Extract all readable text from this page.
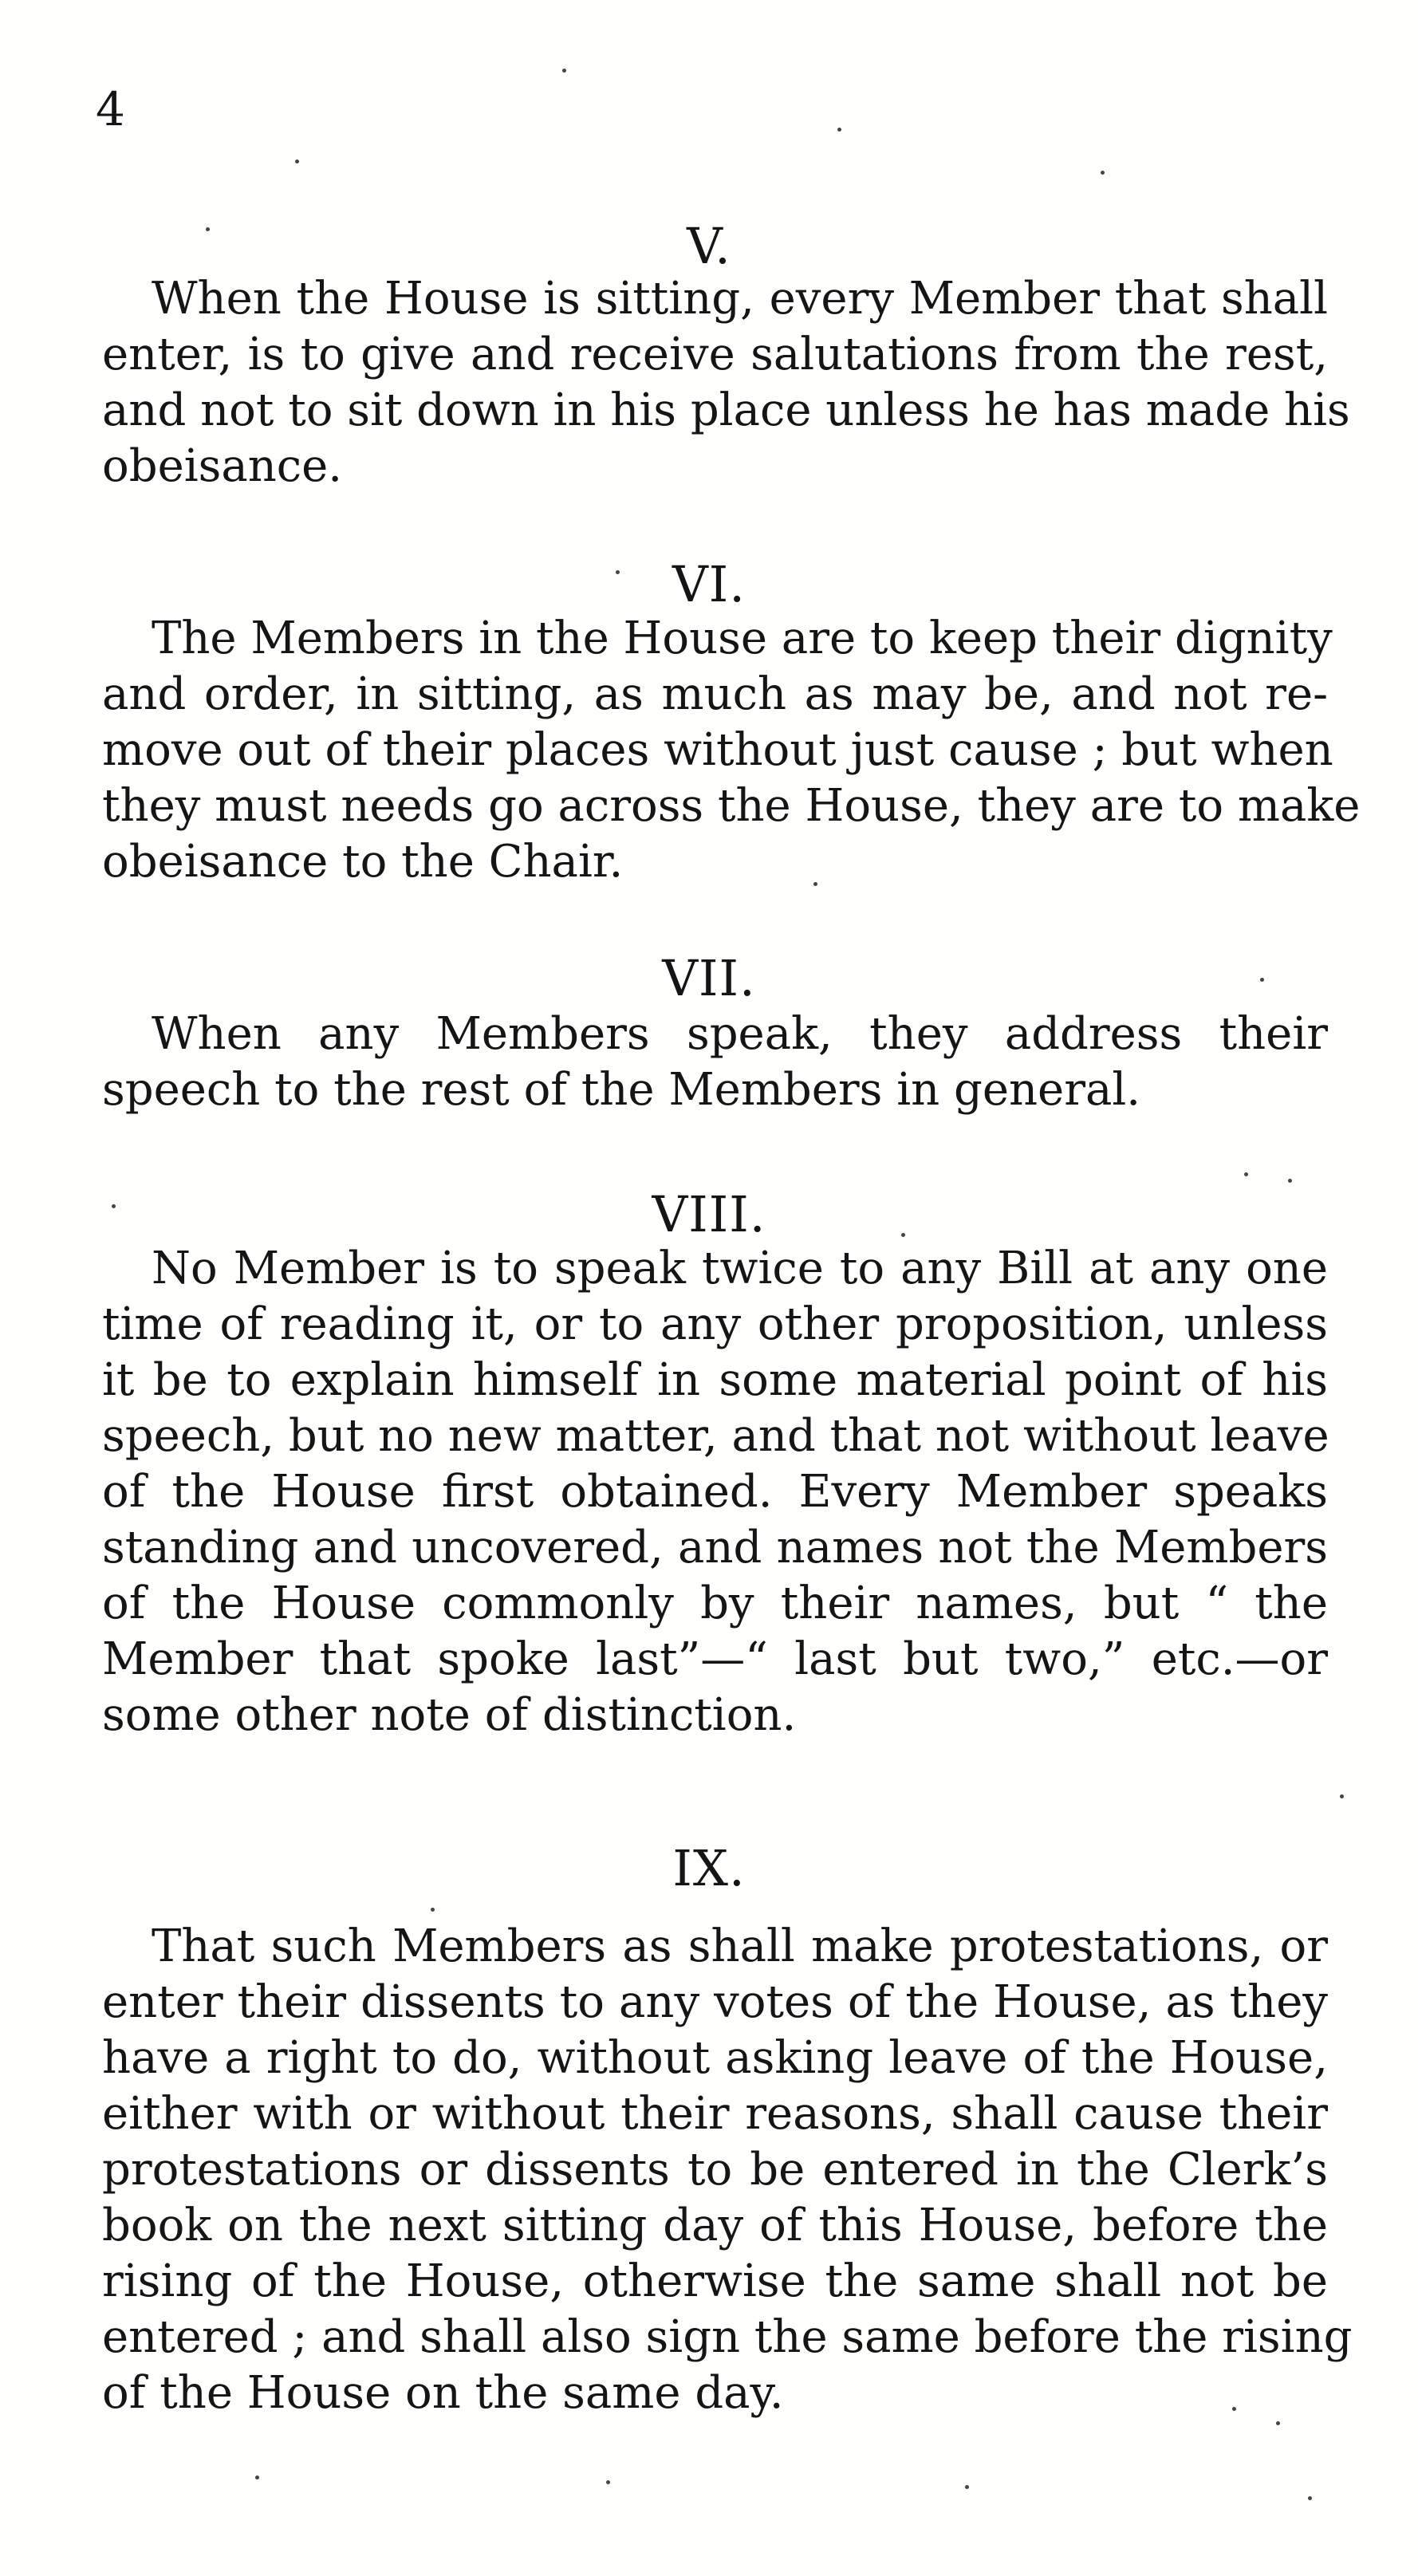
4
V.
When the House is sitting, every Member that shall
enter, is to give and receive salutations from the rest,
and not to sit down in his place unless he has made his
obeisance.
VI.
The Members in the House are to keep their dignity
and order, in sitting, as much as may be, and not re-
move out of their places without just cause ; but when
they must needs go across the House, they are to make
obeisance to the Chair.
VII.
When any Members speak, they address their
speech to the rest of the Members in general.
VIII.
No Member is to speak twice to any Bill at any one
time of reading it, or to any other proposition, unless
it be to explain himself in some material point of his
speech, but no new matter, and that not without leave
of the House first obtained. Every Member speaks
standing and uncovered, and names not the Members
of the House commonly by their names, but “ the
Member that spoke last”—“ last but two,” etc.—or
some other note of distinction.
IX.
That such Members as shall make protestations, or
enter their dissents to any votes of the House, as they
have a right to do, without asking leave of the House,
either with or without their reasons, shall cause their
protestations or dissents to be entered in the Clerk’s
book on the next sitting day of this House, before the
rising of the House, otherwise the same shall not be
entered ; and shall also sign the same before the rising
of the House on the same day.
